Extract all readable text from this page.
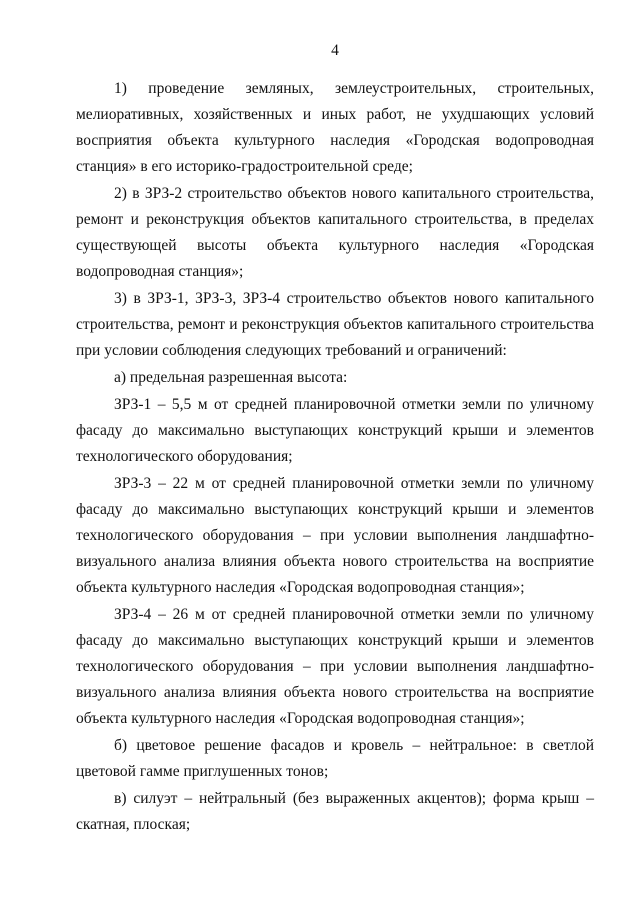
4

1) проведение земляных, землеустроительных, строительных, мелиоративных, хозяйственных и иных работ, не ухудшающих условий восприятия объекта культурного наследия «Городская водопроводная станция» в его историко-градостроительной среде;

2) в ЗРЗ-2 строительство объектов нового капитального строительства, ремонт и реконструкция объектов капитального строительства, в пределах существующей высоты объекта культурного наследия «Городская водопроводная станция»;

3) в ЗРЗ-1, ЗРЗ-3, ЗРЗ-4 строительство объектов нового капитального строительства, ремонт и реконструкция объектов капитального строительства при условии соблюдения следующих требований и ограничений:

а) предельная разрешенная высота:

ЗРЗ-1 – 5,5 м от средней планировочной отметки земли по уличному фасаду до максимально выступающих конструкций крыши и элементов технологического оборудования;

ЗРЗ-3 – 22 м от средней планировочной отметки земли по уличному фасаду до максимально выступающих конструкций крыши и элементов технологического оборудования – при условии выполнения ландшафтно-визуального анализа влияния объекта нового строительства на восприятие объекта культурного наследия «Городская водопроводная станция»;

ЗРЗ-4 – 26 м от средней планировочной отметки земли по уличному фасаду до максимально выступающих конструкций крыши и элементов технологического оборудования – при условии выполнения ландшафтно-визуального анализа влияния объекта нового строительства на восприятие объекта культурного наследия «Городская водопроводная станция»;

б) цветовое решение фасадов и кровель – нейтральное: в светлой цветовой гамме приглушенных тонов;

в) силуэт – нейтральный (без выраженных акцентов); форма крыш – скатная, плоская;
